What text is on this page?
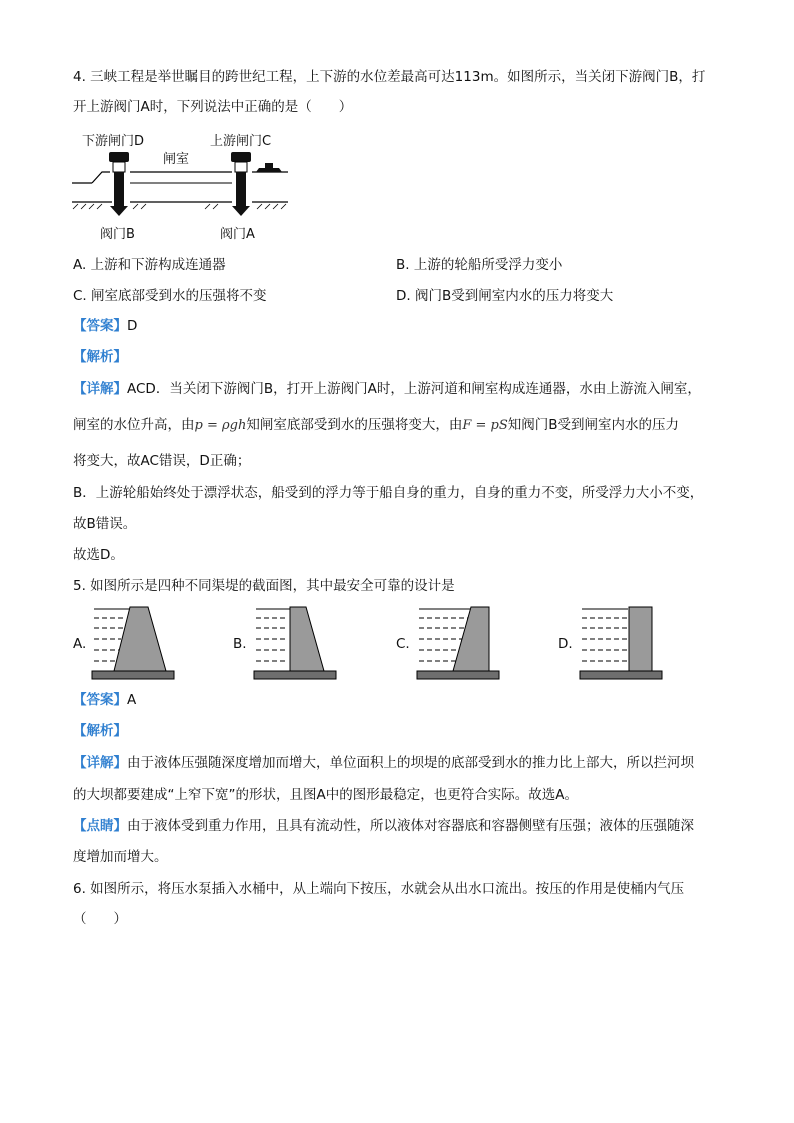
4. 三峡工程是举世瞩目的跨世纪工程，上下游的水位差最高可达113m。如图所示，当关闭下游阀门B，打
开上游阀门A时，下列说法中正确的是（　　）
下游闸门D	上游闸门C
闸室
阀门B	阀门A
A. 上游和下游构成连通器	B. 上游的轮船所受浮力变小
C. 闸室底部受到水的压强将不变	D. 阀门B受到闸室内水的压力将变大
【答案】D
【解析】
【详解】ACD．当关闭下游阀门B，打开上游阀门A时，上游河道和闸室构成连通器，水由上游流入闸室，
闸室的水位升高，由p = ρgh知闸室底部受到水的压强将变大，由F = pS知阀门B受到闸室内水的压力
将变大，故AC错误，D正确；
B．上游轮船始终处于漂浮状态，船受到的浮力等于船自身的重力，自身的重力不变，所受浮力大小不变，
故B错误。
故选D。
5. 如图所示是四种不同渠堤的截面图，其中最安全可靠的设计是
A.	B.	C.	D.
【答案】A
【解析】
【详解】由于液体压强随深度增加而增大，单位面积上的坝堤的底部受到水的推力比上部大，所以拦河坝
的大坝都要建成“上窄下宽”的形状，且图A中的图形最稳定，也更符合实际。故选A。
【点睛】由于液体受到重力作用，且具有流动性，所以液体对容器底和容器侧壁有压强；液体的压强随深
度增加而增大。
6. 如图所示，将压水泵插入水桶中，从上端向下按压，水就会从出水口流出。按压的作用是使桶内气压
（　　）
